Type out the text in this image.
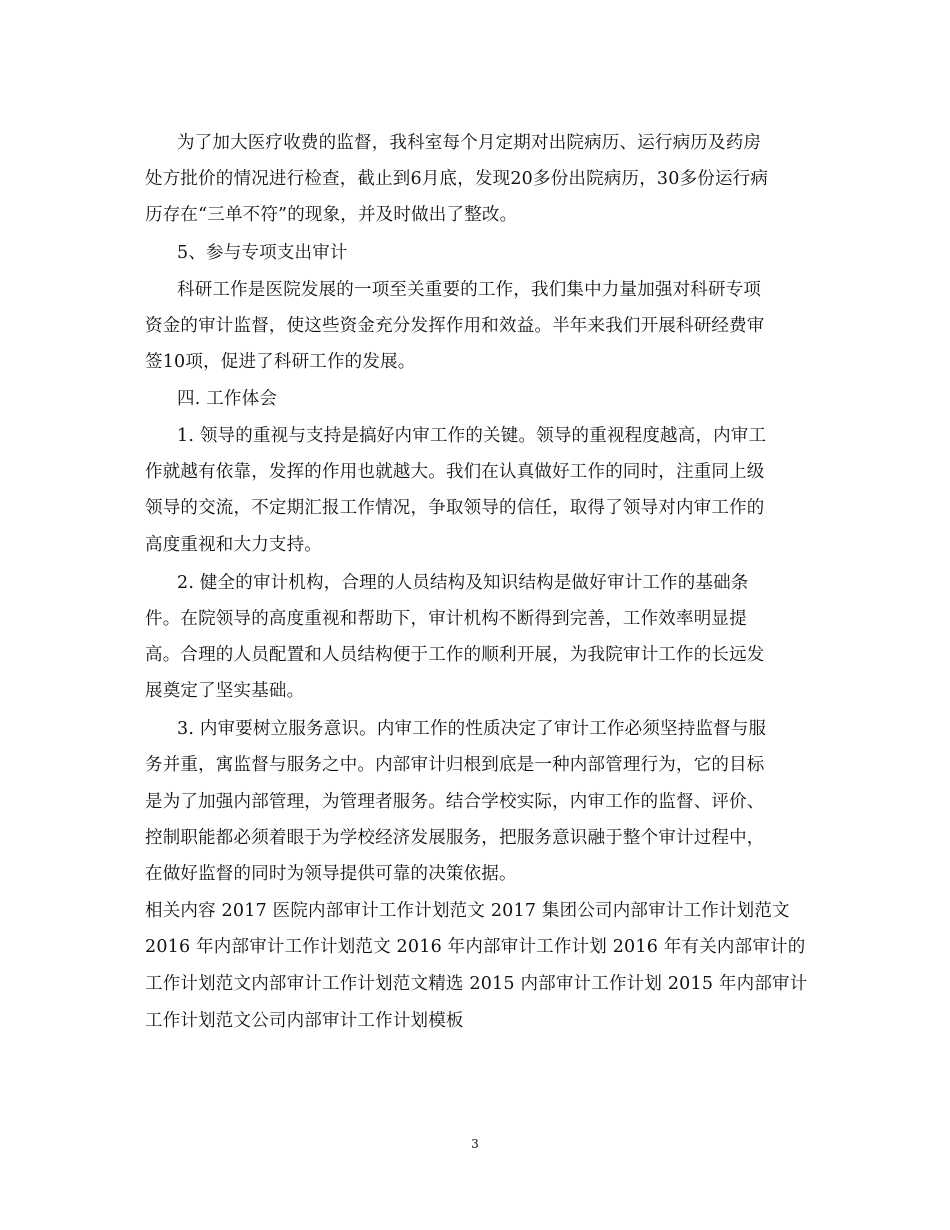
为了加大医疗收费的监督，我科室每个月定期对出院病历、运行病历及药房
处方批价的情况进行检查，截止到6月底，发现20多份出院病历，30多份运行病
历存在“三单不符”的现象，并及时做出了整改。
5、参与专项支出审计
科研工作是医院发展的一项至关重要的工作，我们集中力量加强对科研专项
资金的审计监督，使这些资金充分发挥作用和效益。半年来我们开展科研经费审
签10项，促进了科研工作的发展。
四. 工作体会
1. 领导的重视与支持是搞好内审工作的关键。领导的重视程度越高，内审工
作就越有依靠，发挥的作用也就越大。我们在认真做好工作的同时，注重同上级
领导的交流，不定期汇报工作情况，争取领导的信任，取得了领导对内审工作的
高度重视和大力支持。
2. 健全的审计机构，合理的人员结构及知识结构是做好审计工作的基础条
件。在院领导的高度重视和帮助下，审计机构不断得到完善，工作效率明显提
高。合理的人员配置和人员结构便于工作的顺利开展，为我院审计工作的长远发
展奠定了坚实基础。
3. 内审要树立服务意识。内审工作的性质决定了审计工作必须坚持监督与服
务并重，寓监督与服务之中。内部审计归根到底是一种内部管理行为，它的目标
是为了加强内部管理，为管理者服务。结合学校实际，内审工作的监督、评价、
控制职能都必须着眼于为学校经济发展服务，把服务意识融于整个审计过程中，
在做好监督的同时为领导提供可靠的决策依据。
相关内容 2017 医院内部审计工作计划范文 2017 集团公司内部审计工作计划范文
2016 年内部审计工作计划范文 2016 年内部审计工作计划 2016 年有关内部审计的
工作计划范文内部审计工作计划范文精选 2015 内部审计工作计划 2015 年内部审计
工作计划范文公司内部审计工作计划模板
3
